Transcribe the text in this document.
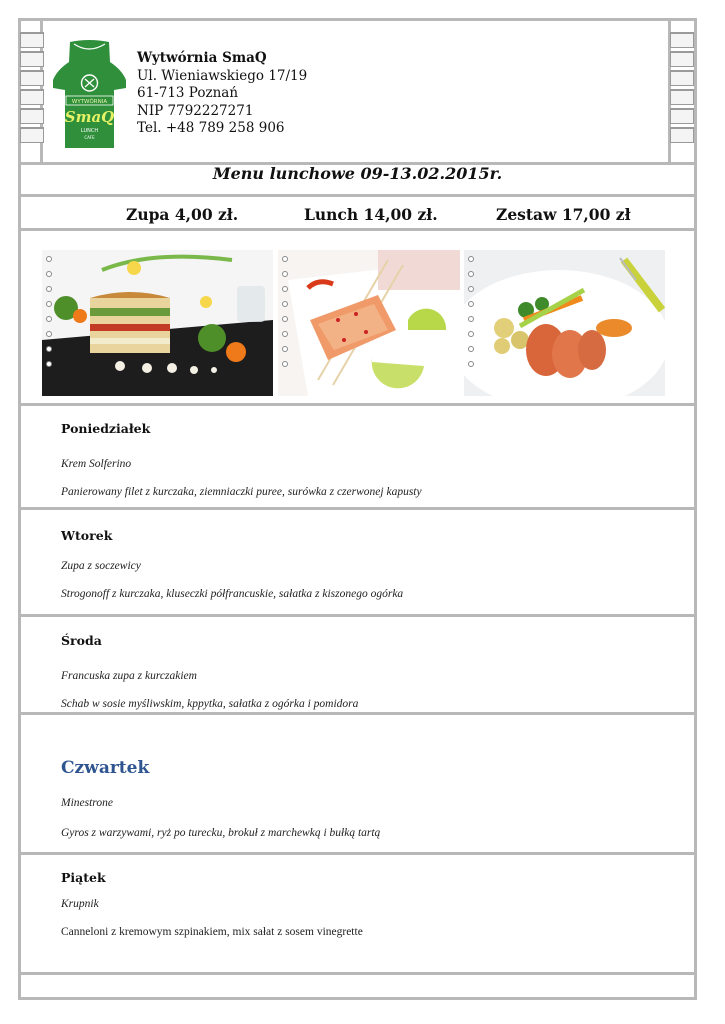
WYTWÓRNIA
SmaQ
LUNCH
CAFE
Wytwórnia SmaQ
Ul. Wieniawskiego 17/19
61-713 Poznań
NIP 7792227271
Tel. +48 789 258 906
Menu lunchowe 09-13.02.2015r.
Zupa 4,00 zł.	Lunch 14,00 zł.	Zestaw 17,00 zł
Poniedziałek
Krem Solferino
Panierowany filet z kurczaka, ziemniaczki puree, surówka z czerwonej kapusty
Wtorek
Zupa z soczewicy
Strogonoff z kurczaka, kluseczki półfrancuskie, sałatka z kiszonego ogórka
Środa
Francuska zupa z kurczakiem
Schab w sosie myśliwskim, kppytka, sałatka z ogórka i pomidora
Czwartek
Minestrone
Gyros z warzywami, ryż po turecku, brokuł z marchewką i bułką tartą
Piątek
Krupnik
Canneloni z kremowym szpinakiem, mix sałat z sosem vinegrette
